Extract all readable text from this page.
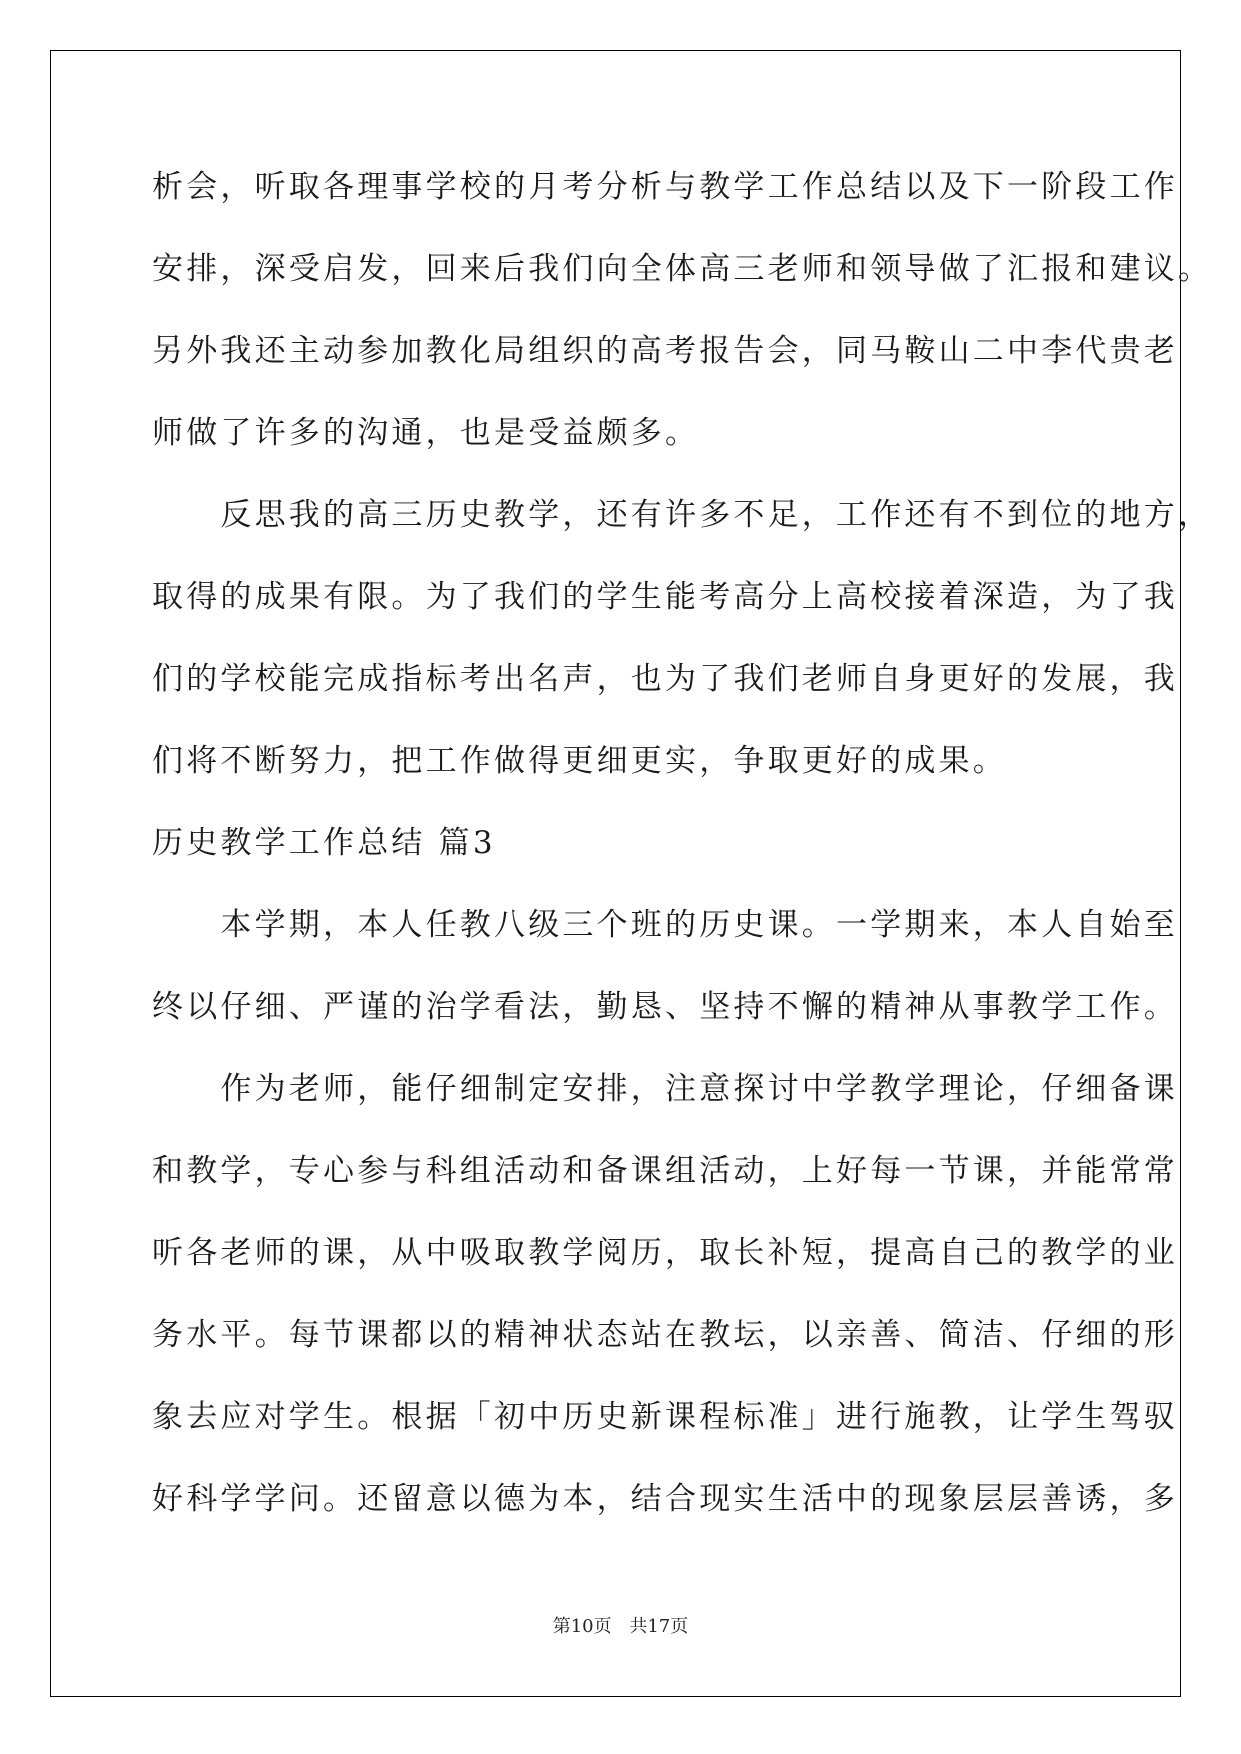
析会，听取各理事学校的月考分析与教学工作总结以及下一阶段工作
安排，深受启发，回来后我们向全体高三老师和领导做了汇报和建议。
另外我还主动参加教化局组织的高考报告会，同马鞍山二中李代贵老
师做了许多的沟通，也是受益颇多。
　　反思我的高三历史教学，还有许多不足，工作还有不到位的地方，
取得的成果有限。为了我们的学生能考高分上高校接着深造，为了我
们的学校能完成指标考出名声，也为了我们老师自身更好的发展，我
们将不断努力，把工作做得更细更实，争取更好的成果。
历史教学工作总结 篇3
　　本学期，本人任教八级三个班的历史课。一学期来，本人自始至
终以仔细、严谨的治学看法，勤恳、坚持不懈的精神从事教学工作。
　　作为老师，能仔细制定安排，注意探讨中学教学理论，仔细备课
和教学，专心参与科组活动和备课组活动，上好每一节课，并能常常
听各老师的课，从中吸取教学阅历，取长补短，提高自己的教学的业
务水平。每节课都以的精神状态站在教坛，以亲善、简洁、仔细的形
象去应对学生。根据「初中历史新课程标准」进行施教，让学生驾驭
好科学学问。还留意以德为本，结合现实生活中的现象层层善诱，多
第10页 共17页
